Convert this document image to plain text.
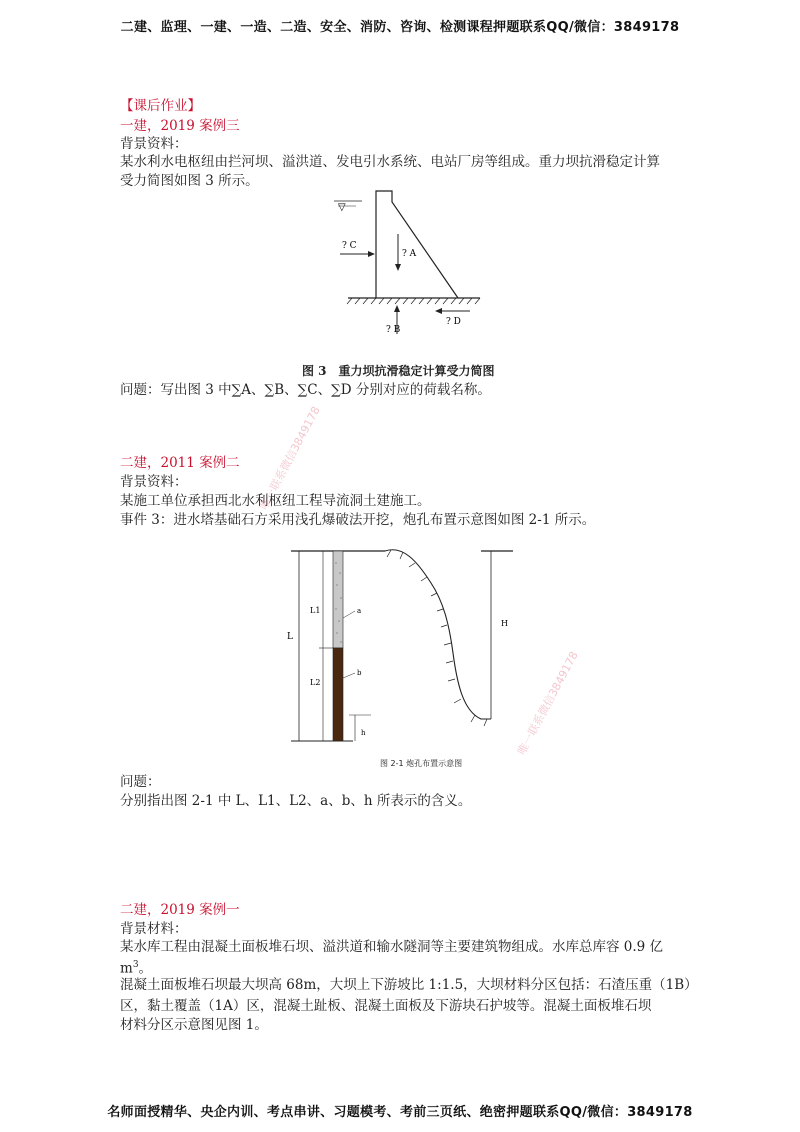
二建、监理、一建、一造、二造、安全、消防、咨询、检测课程押题联系QQ/微信：3849178
【课后作业】
一建，2019 案例三
背景资料：
某水利水电枢纽由拦河坝、溢洪道、发电引水系统、电站厂房等组成。重力坝抗滑稳定计算
受力简图如图 3 所示。
▽
? A
? C
? B
? D
图 3　重力坝抗滑稳定计算受力简图
问题：写出图 3 中∑A、∑B、∑C、∑D 分别对应的荷载名称。
二建，2011 案例二
背景资料：
某施工单位承担西北水利枢纽工程导流洞土建施工。
事件 3：进水塔基础石方采用浅孔爆破法开挖，炮孔布置示意图如图 2-1 所示。
L
L1
L2
a
b
h
H
图 2-1 炮孔布置示意图
问题：
分别指出图 2-1 中 L、L1、L2、a、b、h 所表示的含义。
二建，2019 案例一
背景材料：
某水库工程由混凝土面板堆石坝、溢洪道和输水隧洞等主要建筑物组成。水库总库容 0.9 亿
$m^3$。
混凝土面板堆石坝最大坝高 68m，大坝上下游坡比 1:1.5，大坝材料分区包括：石渣压重（1B）
区，黏土覆盖（1A）区，混凝土趾板、混凝土面板及下游块石护坡等。混凝土面板堆石坝
材料分区示意图见图 1。
唯一联系微信3849178
唯一联系微信3849178
名师面授精华、央企内训、考点串讲、习题模考、考前三页纸、绝密押题联系QQ/微信：3849178
